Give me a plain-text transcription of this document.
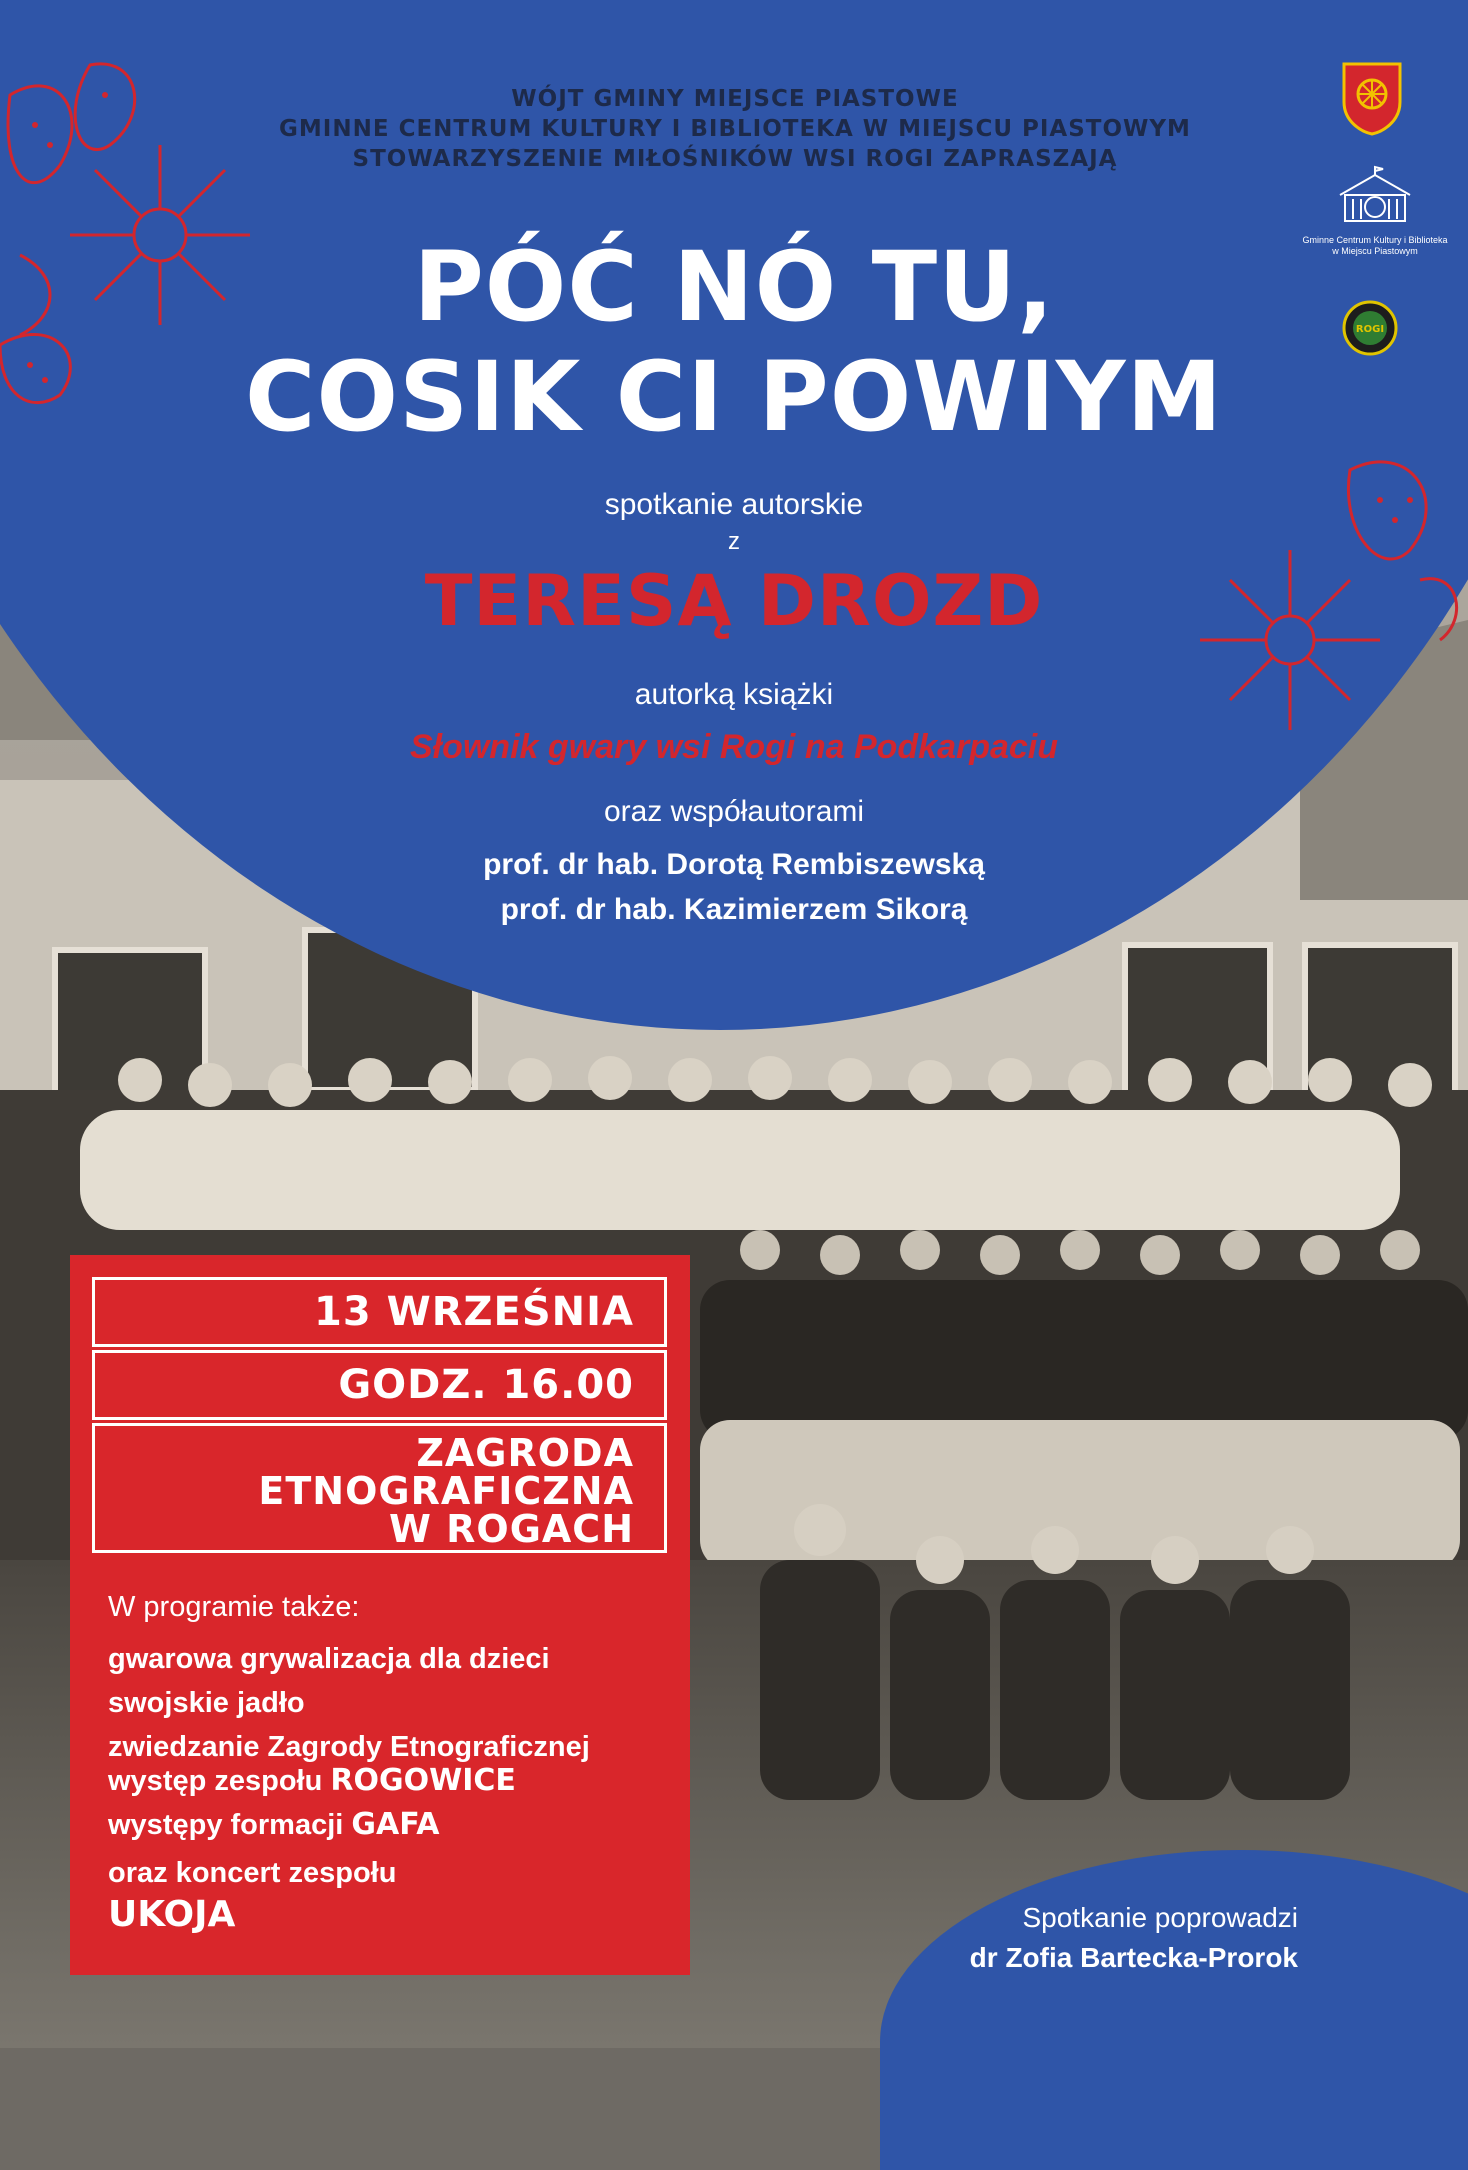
Gminne Centrum Kultury i Biblioteka
w Miejscu Piastowym
ROGI
WÓJT GMINY MIEJSCE PIASTOWE
GMINNE CENTRUM KULTURY I BIBLIOTEKA W MIEJSCU PIASTOWYM
STOWARZYSZENIE MIŁOŚNIKÓW WSI ROGI ZAPRASZAJĄ
PÓĆ NÓ TU,
COSIK CI POWIYM
spotkanie autorskie
z
TERESĄ DROZD
autorką książki
Słownik gwary wsi Rogi na Podkarpaciu
oraz współautorami
prof. dr hab. Dorotą Rembiszewską
prof. dr hab. Kazimierzem Sikorą
13 WRZEŚNIA
GODZ. 16.00
ZAGRODA
ETNOGRAFICZNA
W ROGACH
W programie także:
gwarowa grywalizacja dla dzieci
swojskie jadło
zwiedzanie Zagrody Etnograficznej
występ zespołu ROGOWICE
występy formacji GAFA
oraz koncert zespołu
UKOJA	Spotkanie poprowadzi
dr Zofia Bartecka-Prorok
